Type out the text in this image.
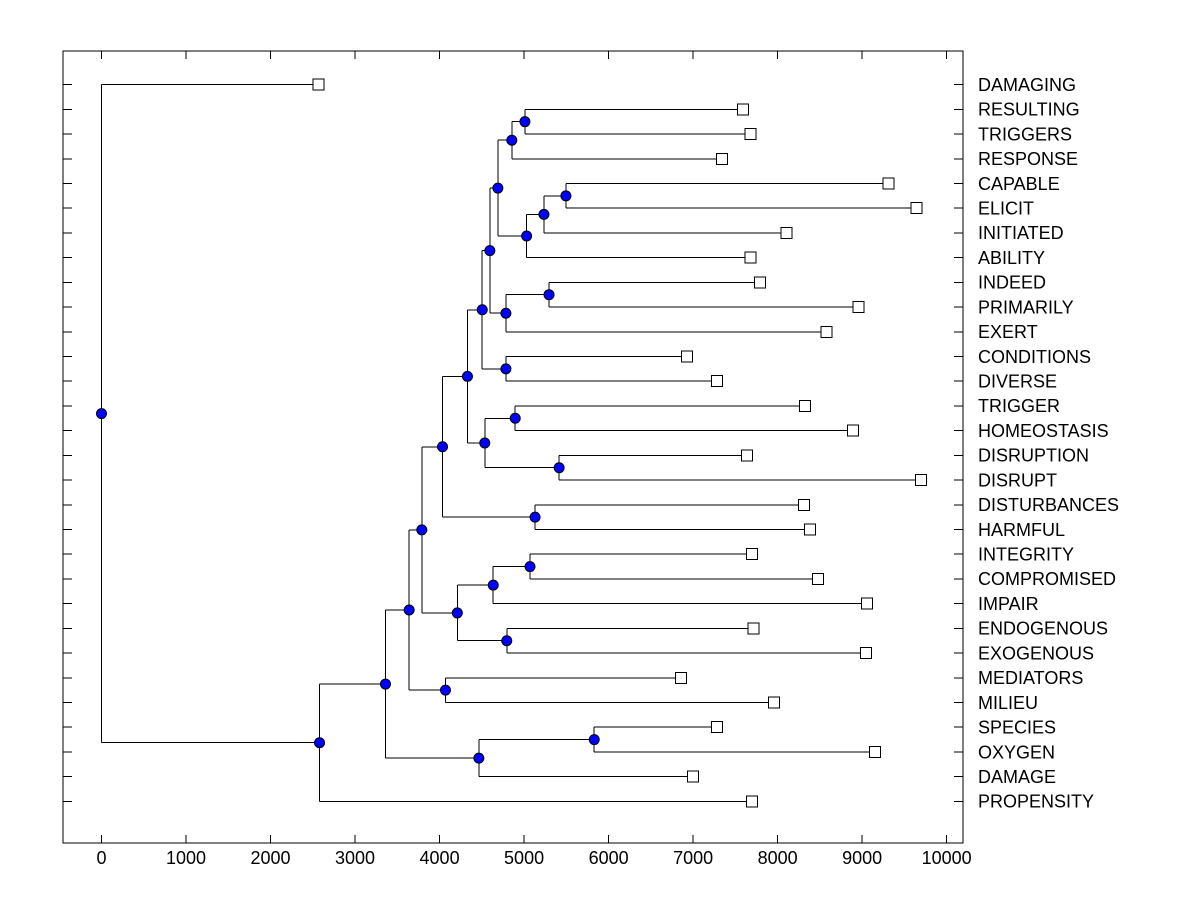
0	1000 2000 3000 4000 5000 6000 7000 8000 9000 10000
DAMAGING
RESULTING
TRIGGERS
RESPONSE
CAPABLE
ELICIT
INITIATED
ABILITY
INDEED
PRIMARILY
EXERT
CONDITIONS
DIVERSE
TRIGGER
HOMEOSTASIS
DISRUPTION
DISRUPT
DISTURBANCES
HARMFUL
INTEGRITY
COMPROMISED
IMPAIR
ENDOGENOUS
EXOGENOUS
MEDIATORS
MILIEU
SPECIES
OXYGEN
DAMAGE
PROPENSITY
